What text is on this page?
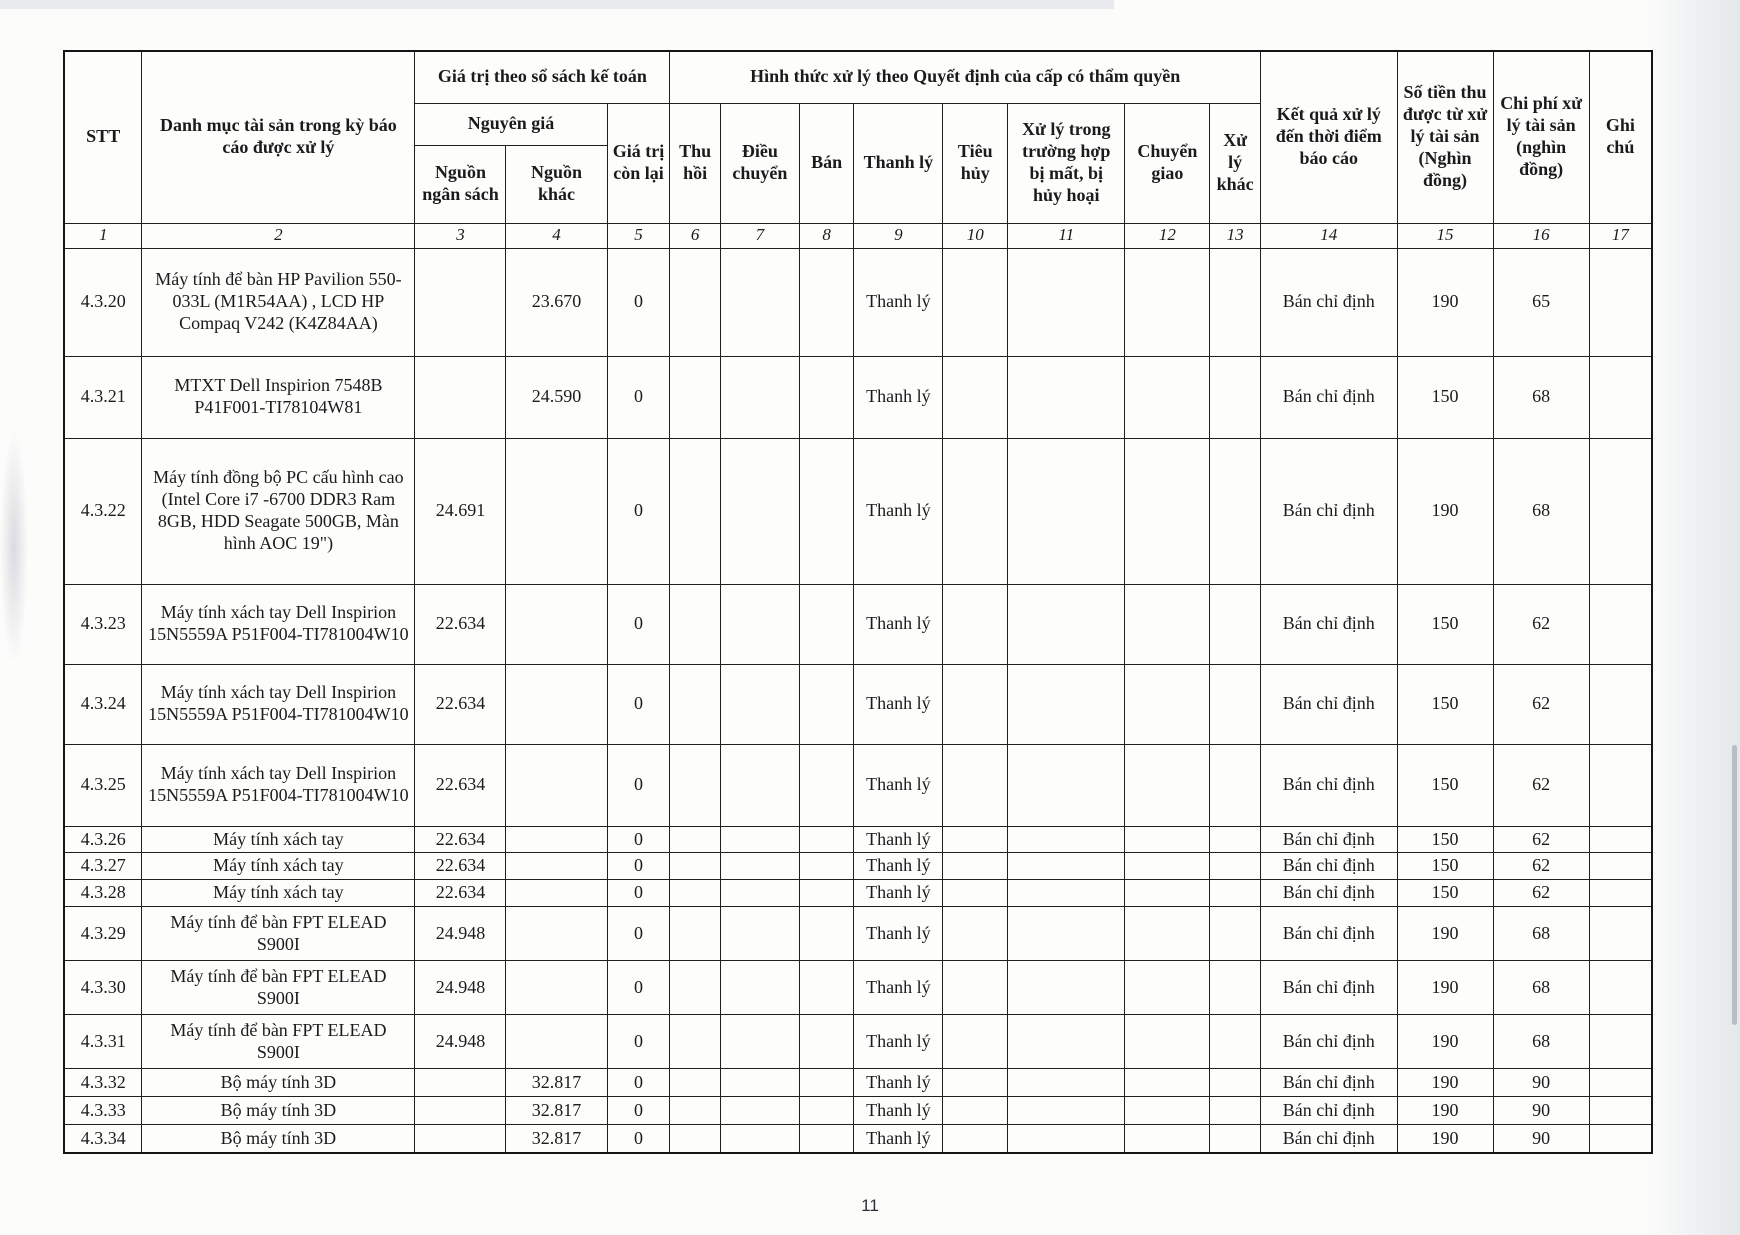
STT	Danh mục tài sản trong kỳ báo cáo được xử lý	Giá trị theo sổ sách kế toán			Hình thức xử lý theo Quyết định của cấp có thẩm quyền								Kết quả xử lý đến thời điểm báo cáo	Số tiền thu được từ xử lý tài sản (Nghìn đồng)	Chi phí xử lý tài sản (nghìn đồng)	Ghi chú
		Nguyên giá		Giá trị còn lại	Thu hồi	Điều chuyển	Bán	Thanh lý	Tiêu hủy	Xử lý trong trường hợp bị mất, bị hủy hoại	Chuyển giao	Xử lý khác				
		Nguồn ngân sách	Nguồn khác													
1	2	3	4	5	6	7	8	9	10	11	12	13	14	15	16	17
4.3.20	Máy tính để bàn HP Pavilion 550-033L (M1R54AA) , LCD HP Compaq V242 (K4Z84AA)		23.670	0				Thanh lý					Bán chỉ định	190	65	
4.3.21	MTXT Dell Inspirion 7548B P41F001-TI78104W81		24.590	0				Thanh lý					Bán chỉ định	150	68	
4.3.22	Máy tính đồng bộ PC cấu hình cao (Intel Core i7 -6700 DDR3 Ram 8GB, HDD Seagate 500GB, Màn hình AOC 19")	24.691		0				Thanh lý					Bán chỉ định	190	68	
4.3.23	Máy tính xách tay Dell Inspirion 15N5559A P51F004-TI781004W10	22.634		0				Thanh lý					Bán chỉ định	150	62	
4.3.24	Máy tính xách tay Dell Inspirion 15N5559A P51F004-TI781004W10	22.634		0				Thanh lý					Bán chỉ định	150	62	
4.3.25	Máy tính xách tay Dell Inspirion 15N5559A P51F004-TI781004W10	22.634		0				Thanh lý					Bán chỉ định	150	62	
4.3.26	Máy tính xách tay	22.634		0				Thanh lý					Bán chỉ định	150	62	
4.3.27	Máy tính xách tay	22.634		0				Thanh lý					Bán chỉ định	150	62	
4.3.28	Máy tính xách tay	22.634		0				Thanh lý					Bán chỉ định	150	62	
4.3.29	Máy tính để bàn FPT ELEAD S900I	24.948		0				Thanh lý					Bán chỉ định	190	68	
4.3.30	Máy tính để bàn FPT ELEAD S900I	24.948		0				Thanh lý					Bán chỉ định	190	68	
4.3.31	Máy tính để bàn FPT ELEAD S900I	24.948		0				Thanh lý					Bán chỉ định	190	68	
4.3.32	Bộ máy tính 3D		32.817	0				Thanh lý					Bán chỉ định	190	90	
4.3.33	Bộ máy tính 3D		32.817	0				Thanh lý					Bán chỉ định	190	90	
4.3.34	Bộ máy tính 3D		32.817	0				Thanh lý					Bán chỉ định	190	90	
11
